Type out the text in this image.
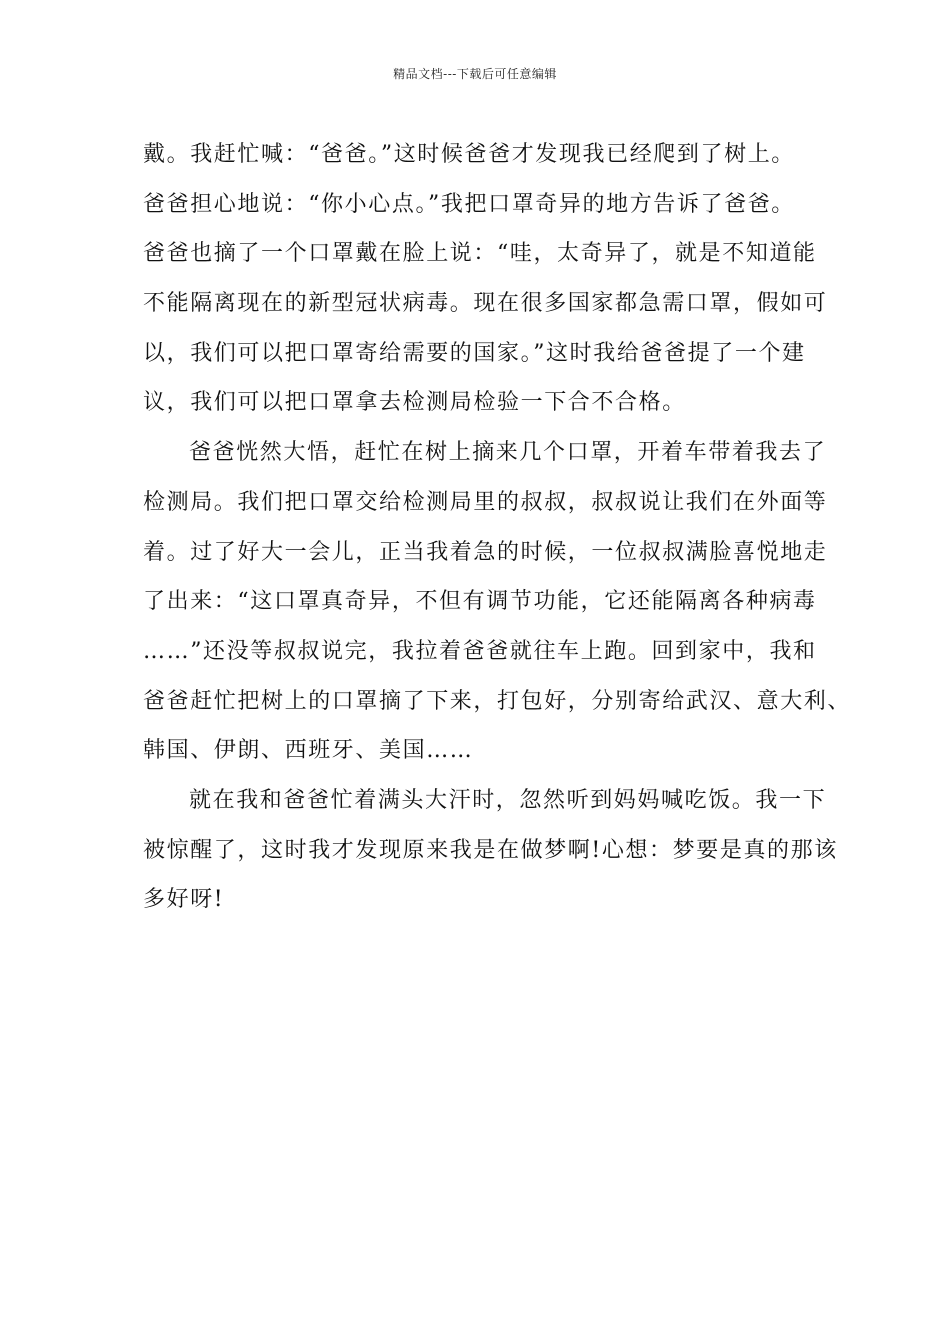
精品文档---下载后可任意编辑
戴。我赶忙喊：“爸爸。”这时候爸爸才发现我已经爬到了树上。
爸爸担心地说：“你小心点。”我把口罩奇异的地方告诉了爸爸。
爸爸也摘了一个口罩戴在脸上说：“哇，太奇异了，就是不知道能
不能隔离现在的新型冠状病毒。现在很多国家都急需口罩，假如可
以，我们可以把口罩寄给需要的国家。”这时我给爸爸提了一个建
议，我们可以把口罩拿去检测局检验一下合不合格。
爸爸恍然大悟，赶忙在树上摘来几个口罩，开着车带着我去了
检测局。我们把口罩交给检测局里的叔叔，叔叔说让我们在外面等
着。过了好大一会儿，正当我着急的时候，一位叔叔满脸喜悦地走
了出来：“这口罩真奇异，不但有调节功能，它还能隔离各种病毒
……”还没等叔叔说完，我拉着爸爸就往车上跑。回到家中，我和
爸爸赶忙把树上的口罩摘了下来，打包好，分别寄给武汉、意大利、
韩国、伊朗、西班牙、美国……
就在我和爸爸忙着满头大汗时，忽然听到妈妈喊吃饭。我一下
被惊醒了，这时我才发现原来我是在做梦啊!心想：梦要是真的那该
多好呀!
